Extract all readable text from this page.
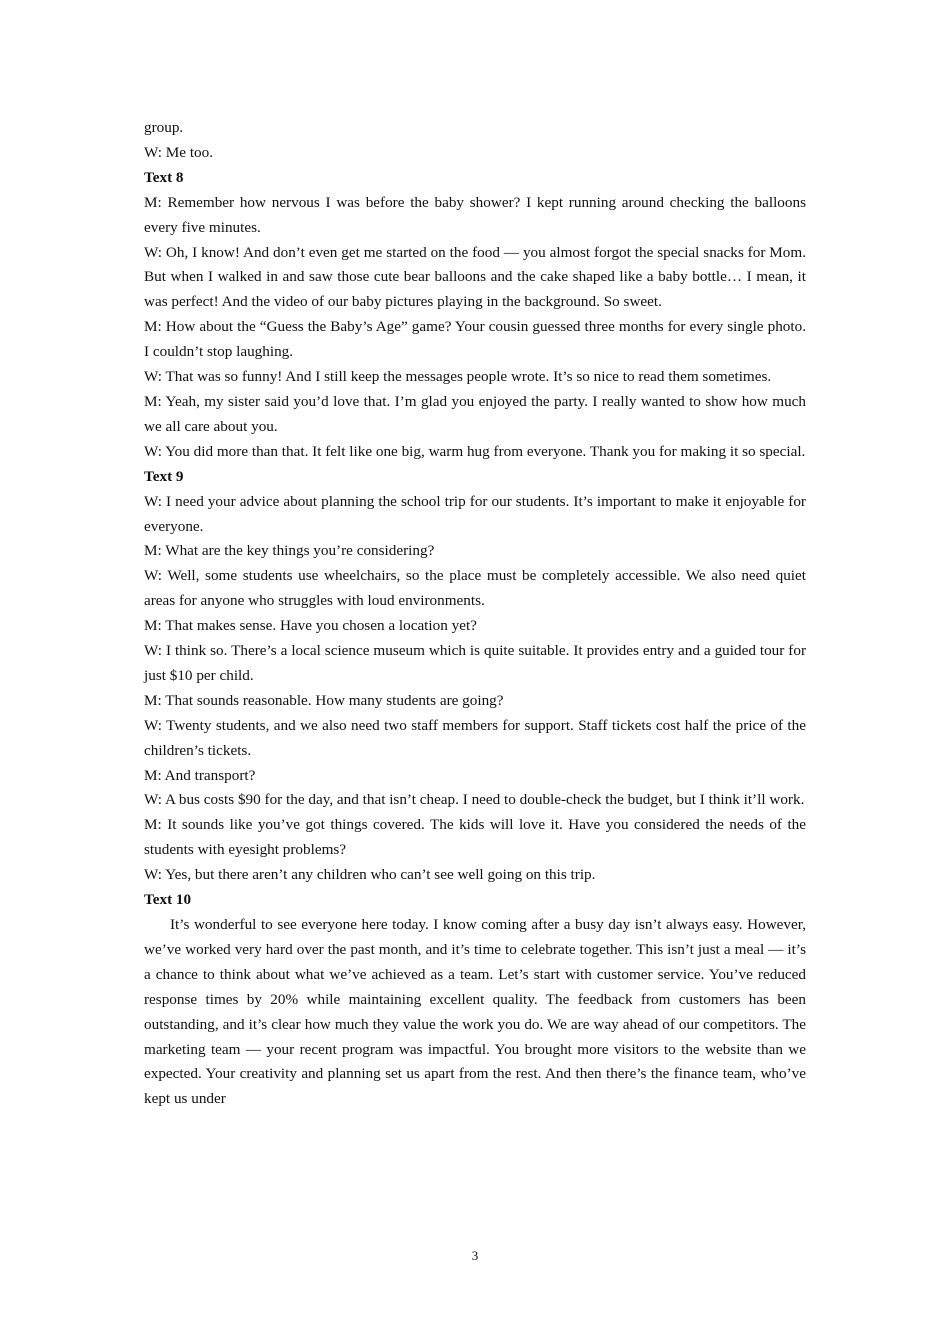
group.

W: Me too.

Text 8

M: Remember how nervous I was before the baby shower? I kept running around checking the balloons every five minutes.

W: Oh, I know! And don’t even get me started on the food — you almost forgot the special snacks for Mom. But when I walked in and saw those cute bear balloons and the cake shaped like a baby bottle… I mean, it was perfect! And the video of our baby pictures playing in the background. So sweet.

M: How about the “Guess the Baby’s Age” game? Your cousin guessed three months for every single photo. I couldn’t stop laughing.

W: That was so funny! And I still keep the messages people wrote. It’s so nice to read them sometimes.

M: Yeah, my sister said you’d love that. I’m glad you enjoyed the party. I really wanted to show how much we all care about you.

W: You did more than that. It felt like one big, warm hug from everyone. Thank you for making it so special.

Text 9

W: I need your advice about planning the school trip for our students. It’s important to make it enjoyable for everyone.

M: What are the key things you’re considering?

W: Well, some students use wheelchairs, so the place must be completely accessible. We also need quiet areas for anyone who struggles with loud environments.

M: That makes sense. Have you chosen a location yet?

W: I think so. There’s a local science museum which is quite suitable. It provides entry and a guided tour for just $10 per child.

M: That sounds reasonable. How many students are going?

W: Twenty students, and we also need two staff members for support. Staff tickets cost half the price of the children’s tickets.

M: And transport?

W: A bus costs $90 for the day, and that isn’t cheap. I need to double-check the budget, but I think it’ll work.

M: It sounds like you’ve got things covered. The kids will love it. Have you considered the needs of the students with eyesight problems?

W: Yes, but there aren’t any children who can’t see well going on this trip.

Text 10

It’s wonderful to see everyone here today. I know coming after a busy day isn’t always easy. However, we’ve worked very hard over the past month, and it’s time to celebrate together. This isn’t just a meal — it’s a chance to think about what we’ve achieved as a team. Let’s start with customer service. You’ve reduced response times by 20% while maintaining excellent quality. The feedback from customers has been outstanding, and it’s clear how much they value the work you do. We are way ahead of our competitors. The marketing team — your recent program was impactful. You brought more visitors to the website than we expected. Your creativity and planning set us apart from the rest. And then there’s the finance team, who’ve kept us under

3
